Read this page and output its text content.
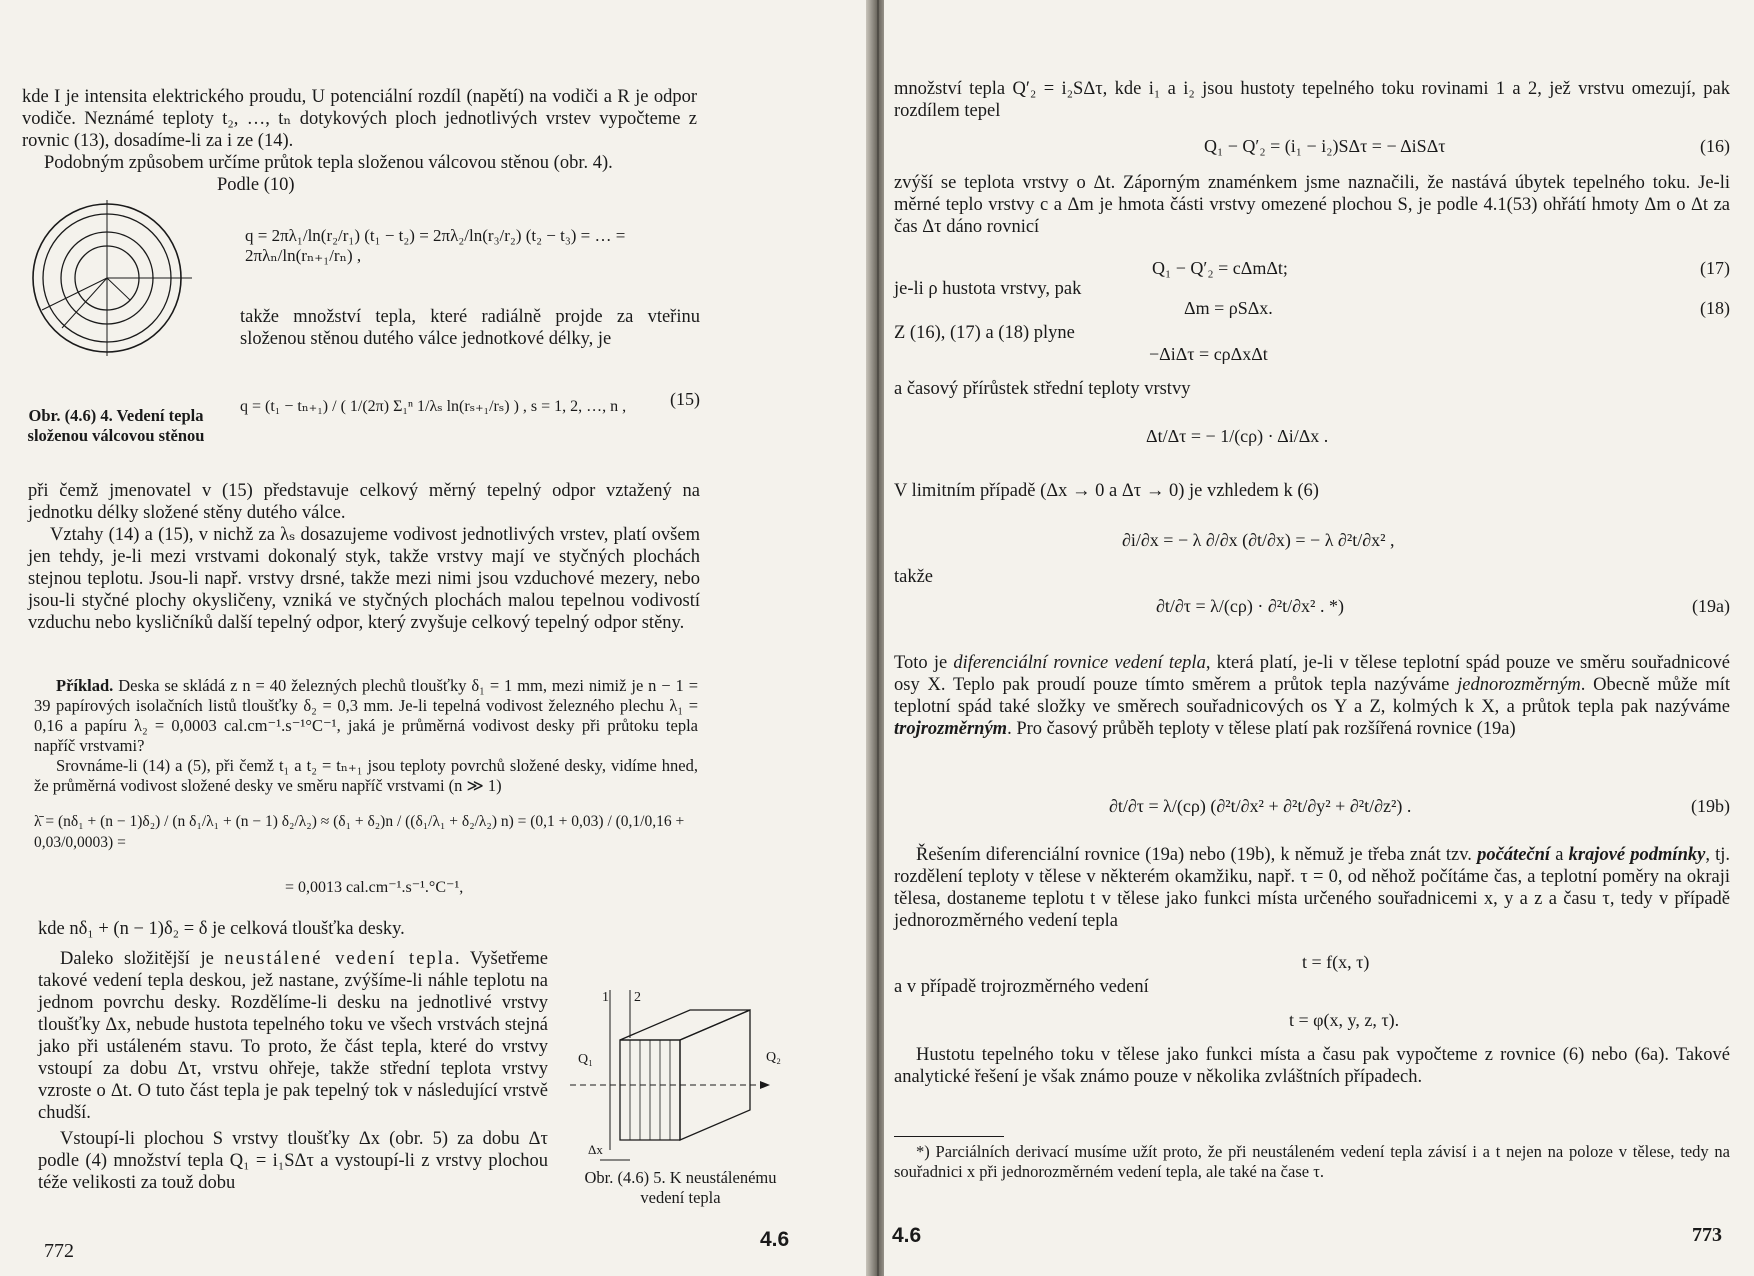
kde I je intensita elektrického proudu, U potenciální rozdíl (napětí) na vodiči a R je odpor vodiče. Neznámé teploty t₂, …, tₙ dotykových ploch jednotlivých vrstev vypočteme z rovnic (13), dosadíme-li za i ze (14).

Podobným způsobem určíme průtok tepla složenou válcovou stěnou (obr. 4).

Podle (10)

q = 2πλ₁/ln(r₂/r₁) (t₁ − t₂) = 2πλ₂/ln(r₃/r₂) (t₂ − t₃) = … = 2πλₙ/ln(rₙ₊₁/rₙ) ,

takže množství tepla, které radiálně projde za vteřinu složenou stěnou dutého válce jednotkové délky, je

q = (t₁ − tₙ₊₁) / ( 1/(2π) Σ₁ⁿ 1/λₛ ln(rₛ₊₁/rₛ) ) , s = 1, 2, …, n , (15)
Obr. (4.6) 4. Vedení tepla složenou válcovou stěnou

při čemž jmenovatel v (15) představuje celkový měrný tepelný odpor vztažený na jednotku délky složené stěny dutého válce.

Vztahy (14) a (15), v nichž za λₛ dosazujeme vodivost jednotlivých vrstev, platí ovšem jen tehdy, je-li mezi vrstvami dokonalý styk, takže vrstvy mají ve styčných plochách stejnou teplotu. Jsou-li např. vrstvy drsné, takže mezi nimi jsou vzduchové mezery, nebo jsou-li styčné plochy okysličeny, vzniká ve styčných plochách malou tepelnou vodivostí vzduchu nebo kysličníků další tepelný odpor, který zvyšuje celkový tepelný odpor stěny.

Příklad. Deska se skládá z n = 40 železných plechů tloušťky δ₁ = 1 mm, mezi nimiž je n − 1 = 39 papírových isolačních listů tloušťky δ₂ = 0,3 mm. Je-li tepelná vodivost železného plechu λ₁ = 0,16 a papíru λ₂ = 0,0003 cal.cm⁻¹.s⁻¹°C⁻¹, jaká je průměrná vodivost desky při průtoku tepla napříč vrstvami?

Srovnáme-li (14) a (5), při čemž t₁ a t₂ = tₙ₊₁ jsou teploty povrchů složené desky, vidíme hned, že průměrná vodivost složené desky ve směru napříč vrstvami (n ≫ 1)

λ̄ = (nδ₁ + (n − 1)δ₂) / (n δ₁/λ₁ + (n − 1) δ₂/λ₂) ≈ (δ₁ + δ₂)n / ((δ₁/λ₁ + δ₂/λ₂) n) = (0,1 + 0,03) / (0,1/0,16 + 0,03/0,0003) =
= 0,0013 cal.cm⁻¹.s⁻¹.°C⁻¹,

kde nδ₁ + (n − 1)δ₂ = δ je celková tloušťka desky.

Daleko složitější je neustálené vedení tepla. Vyšetřeme takové vedení tepla deskou, jež nastane, zvýšíme-li náhle teplotu na jednom povrchu desky. Rozdělíme-li desku na jednotlivé vrstvy tloušťky Δx, nebude hustota tepelného toku ve všech vrstvách stejná jako při ustáleném stavu. To proto, že část tepla, které do vrstvy vstoupí za dobu Δτ, vrstvu ohřeje, takže střední teplota vrstvy vzroste o Δt. O tuto část tepla je pak tepelný tok v následující vrstvě chudší.

Vstoupí-li plochou S vrstvy tloušťky Δx (obr. 5) za dobu Δτ podle (4) množství tepla Q₁ = i₁SΔτ a vystoupí-li z vrstvy plochou téže velikosti za touž dobu

1 2
Q₁	Q₂
Δx
Obr. (4.6) 5. K neustálenému vedení tepla
772	4.6

množství tepla Q′₂ = i₂SΔτ, kde i₁ a i₂ jsou hustoty tepelného toku rovinami 1 a 2, jež vrstvu omezují, pak rozdílem tepel

Q₁ − Q′₂ = (i₁ − i₂)SΔτ = − ΔiSΔτ	(16)

zvýší se teplota vrstvy o Δt. Záporným znaménkem jsme naznačili, že nastává úbytek tepelného toku. Je-li měrné teplo vrstvy c a Δm je hmota části vrstvy omezené plochou S, je podle 4.1(53) ohřátí hmoty Δm o Δt za čas Δτ dáno rovnicí

Q₁ − Q′₂ = cΔmΔt;	(17)

je-li ρ hustota vrstvy, pak

Δm = ρSΔx.	(18)

Z (16), (17) a (18) plyne

−ΔiΔτ = cρΔxΔt

a časový přírůstek střední teploty vrstvy

Δt/Δτ = − 1/(cρ) · Δi/Δx .

V limitním případě (Δx → 0 a Δτ → 0) je vzhledem k (6)

∂i/∂x = − λ ∂/∂x (∂t/∂x) = − λ ∂²t/∂x² ,

takže

∂t/∂τ = λ/(cρ) · ∂²t/∂x² . *)	(19a)

Toto je diferenciální rovnice vedení tepla, která platí, je-li v tělese teplotní spád pouze ve směru souřadnicové osy X. Teplo pak proudí pouze tímto směrem a průtok tepla nazýváme jednorozměrným. Obecně může mít teplotní spád také složky ve směrech souřadnicových os Y a Z, kolmých k X, a průtok tepla pak nazýváme trojrozměrným. Pro časový průběh teploty v tělese platí pak rozšířená rovnice (19a)

∂t/∂τ = λ/(cρ) (∂²t/∂x² + ∂²t/∂y² + ∂²t/∂z²) .	(19b)

Řešením diferenciální rovnice (19a) nebo (19b), k němuž je třeba znát tzv. počáteční a krajové podmínky, tj. rozdělení teploty v tělese v některém okamžiku, např. τ = 0, od něhož počítáme čas, a teplotní poměry na okraji tělesa, dostaneme teplotu t v tělese jako funkci místa určeného souřadnicemi x, y a z a času τ, tedy v případě jednorozměrného vedení tepla

t = f(x, τ)

a v případě trojrozměrného vedení

t = φ(x, y, z, τ).

Hustotu tepelného toku v tělese jako funkci místa a času pak vypočteme z rovnice (6) nebo (6a). Takové analytické řešení je však známo pouze v několika zvláštních případech.

*) Parciálních derivací musíme užít proto, že při neustáleném vedení tepla závisí i a t nejen na poloze v tělese, tedy na souřadnici x při jednorozměrném vedení tepla, ale také na čase τ.

4.6	773
